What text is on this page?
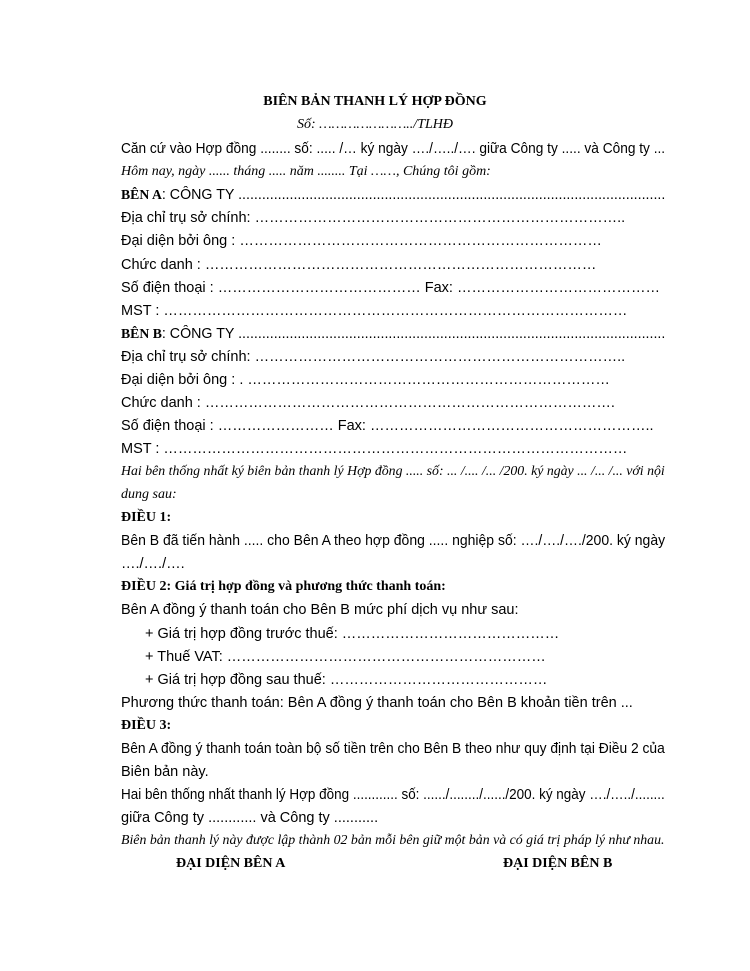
BIÊN BẢN THANH LÝ HỢP ĐỒNG
Số: …………………../TLHĐ
Căn cứ vào Hợp đồng ........ số: ..... /… ký ngày …./…../…. giữa Công ty ..... và Công ty ...
Hôm nay, ngày ...... tháng ..... năm ........ Tại ……, Chúng tôi gồm:
BÊN A: CÔNG TY ............................................................................................................
Địa chỉ trụ sở chính: …………………………………………………………………..
Đại diện bởi ông : …………………………………………………………………
Chức danh : ………………………………………………………………………
Số điện thoại : …………………………………… Fax: ……………………………………
MST : ……………………………………………………………………………………
BÊN B: CÔNG TY ............................................................................................................
Địa chỉ trụ sở chính: …………………………………………………………………..
Đại diện bởi ông : . …………………………………………………………………
Chức danh : ………………………………………………………………………….
Số điện thoại : …………………… Fax: …………………………………………………..
MST : ……………………………………………………………………………………
Hai bên thống nhất ký biên bản thanh lý Hợp đồng ..... số: ... /.... /... /200. ký ngày ... /... /... với nội
dung sau:
ĐIỀU 1:
Bên B đã tiến hành ..... cho Bên A theo hợp đồng ..... nghiệp số: …./…./…./200. ký ngày
…./…./….
ĐIỀU 2: Giá trị hợp đồng và phương thức thanh toán:
Bên A đồng ý thanh toán cho Bên B mức phí dịch vụ như sau:
+ Giá trị hợp đồng trước thuế: ………………………………………
+ Thuế VAT: …………………………………………………………
+ Giá trị hợp đồng sau thuế: ………………………………………
Phương thức thanh toán: Bên A đồng ý thanh toán cho Bên B khoản tiền trên ...
ĐIỀU 3:
Bên A đồng ý thanh toán toàn bộ số tiền trên cho Bên B theo như quy định tại Điều 2 của
Biên bản này.
Hai bên thống nhất thanh lý Hợp đồng ............ số: ....../......../....../200. ký ngày …./…../........
giữa Công ty ............ và Công ty ...........
Biên bản thanh lý này được lập thành 02 bản mỗi bên giữ một bản và có giá trị pháp lý như nhau.
ĐẠI DIỆN BÊN A	ĐẠI DIỆN BÊN B
